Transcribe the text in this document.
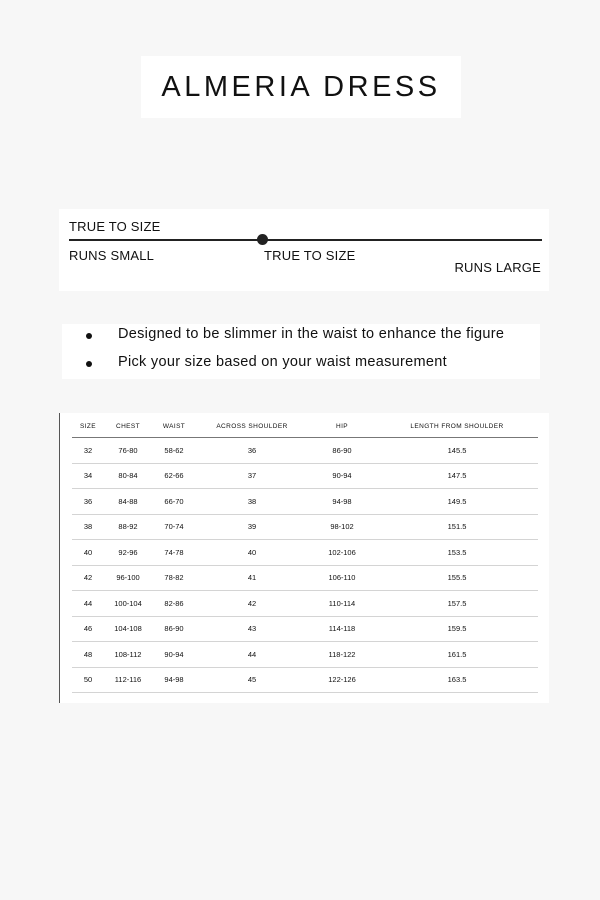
ALMERIA DRESS
TRUE TO SIZE
RUNS SMALL	TRUE TO SIZE
RUNS LARGE
Designed to be slimmer in the waist to enhance the figure
Pick your size based on your waist measurement
SIZE	CHEST	WAIST	ACROSS SHOULDER	HIP	LENGTH FROM SHOULDER
32	76-80	58-62	36	86-90	145.5
34	80-84	62-66	37	90-94	147.5
36	84-88	66-70	38	94-98	149.5
38	88-92	70-74	39	98-102	151.5
40	92-96	74-78	40	102-106	153.5
42	96-100	78-82	41	106-110	155.5
44	100-104	82-86	42	110-114	157.5
46	104-108	86-90	43	114-118	159.5
48	108-112	90-94	44	118-122	161.5
50	112-116	94-98	45	122-126	163.5
